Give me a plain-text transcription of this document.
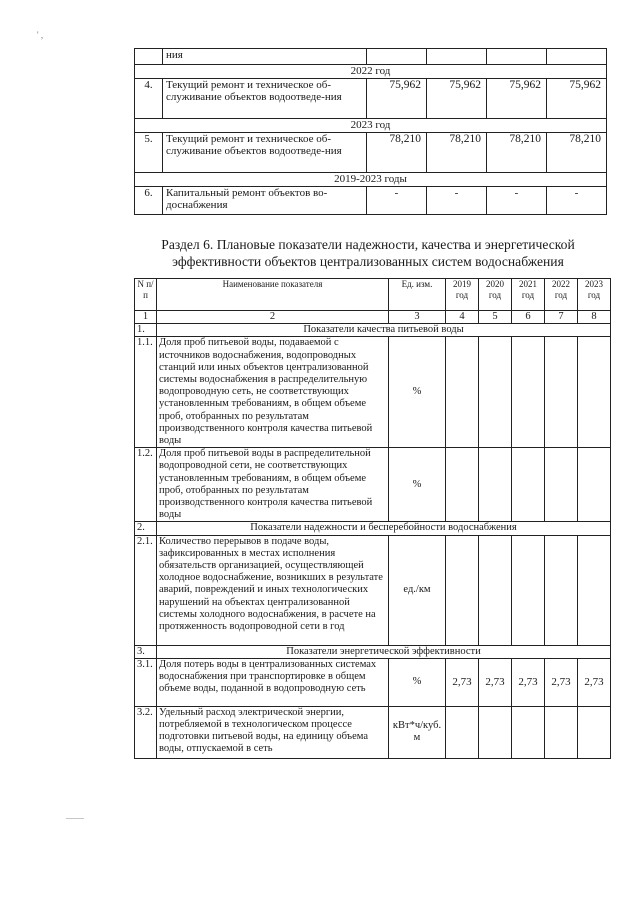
' ,
	ния				
2022 год					
4.	Текущий ремонт и техническое об-служивание объектов водоотведе-ния	75,962	75,962	75,962	75,962
2023 год					
5.	Текущий ремонт и техническое об-служивание объектов водоотведе-ния	78,210	78,210	78,210	78,210
2019-2023 годы					
6.	Капитальный ремонт объектов во-доснабжения	-	-	-	-
Раздел 6. Плановые показатели надежности, качества и энергетической эффективности объектов централизованных систем водоснабжения
N п/п	Наименование показателя	Ед. изм.	2019 год	2020 год	2021 год	2022 год	2023 год
1	2	3	4	5	6	7	8
1.	Показатели качества питьевой воды						
1.1.	Доля проб питьевой воды, подаваемой с источников водоснабжения, водопроводных станций или иных объектов централизованной системы водоснабжения в распределительную водопроводную сеть, не соответствующих установленным требованиям, в общем объеме проб, отобранных по результатам производственного контроля качества питьевой воды	%					
1.2.	Доля проб питьевой воды в распределительной водопроводной сети, не соответствующих установленным требованиям, в общем объеме проб, отобранных по результатам производственного контроля качества питьевой воды	%					
2.	Показатели надежности и бесперебойности водоснабжения						
2.1.	Количество перерывов в подаче воды, зафиксированных в местах исполнения обязательств организацией, осуществляющей холодное водоснабжение, возникших в результате аварий, повреждений и иных технологических нарушений на объектах централизованной системы холодного водоснабжения, в расчете на протяженность водопроводной сети в год	ед./км					
3.	Показатели энергетической эффективности						
3.1.	Доля потерь воды в централизованных системах водоснабжения при транспортировке в общем объеме воды, поданной в водопроводную сеть	%	2,73	2,73	2,73	2,73	2,73
3.2.	Удельный расход электрической энергии, потребляемой в технологическом процессе подготовки питьевой воды, на единицу объема воды, отпускаемой в сеть	кВт*ч/куб. м					
——
